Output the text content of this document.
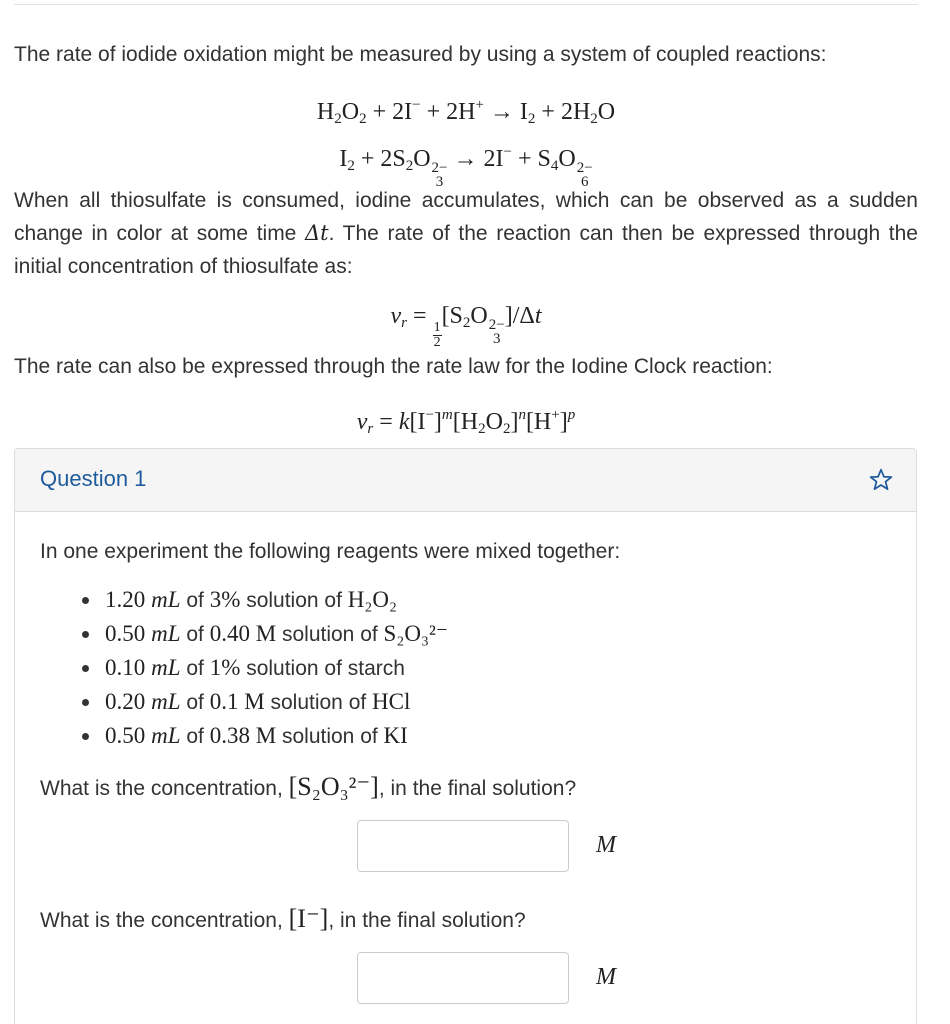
The rate of iodide oxidation might be measured by using a system of coupled reactions:

$H_2O_2 + 2I^- + 2H^+ \to I_2 + 2H_2O$
$I_2 + 2S_2O$ 2−
3
→ $2I^- + S_4O$ 2−
6

When all thiosulfate is consumed, iodine accumulates, which can be observed as a sudden change in color at some time Δt. The rate of the reaction can then be expressed through the initial concentration of thiosulfate as:

$v_r$ =
$\frac{1}{2}$
[$S_2O$ 2−
3
]/Δt

The rate can also be expressed through the rate law for the Iodine Clock reaction:

$v_r = k[I^-]^m[H_2O_2]^n[H^+]^p$
Question 1
In one experiment the following reagents were mixed together:
1.20 mL of 3% solution of H₂O₂
0.50 mL of 0.40 M solution of S₂O₃²⁻
0.10 mL of 1% solution of starch
0.20 mL of 0.1 M solution of HCl
0.50 mL of 0.38 M solution of KI
What is the concentration, [S₂O₃²⁻], in the final solution?
M
What is the concentration, [I⁻], in the final solution?
M
